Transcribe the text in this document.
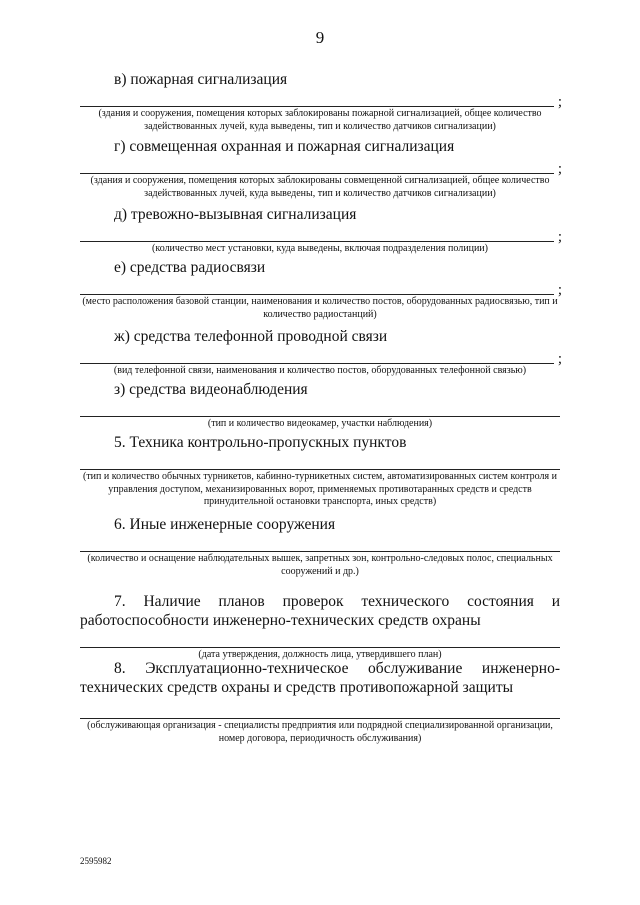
9
в) пожарная сигнализация
;
(здания и сооружения, помещения которых заблокированы пожарной сигнализацией, общее количество задействованных лучей, куда выведены, тип и количество датчиков сигнализации)
г) совмещенная охранная и пожарная сигнализация
;
(здания и сооружения, помещения которых заблокированы совмещенной сигнализацией, общее количество задействованных лучей, куда выведены, тип и количество датчиков сигнализации)
д) тревожно-вызывная сигнализация
;
(количество мест установки, куда выведены, включая подразделения полиции)
е) средства радиосвязи
;
(место расположения базовой станции, наименования и количество постов, оборудованных радиосвязью, тип и количество радиостанций)
ж) средства телефонной проводной связи
;
(вид телефонной связи, наименования и количество постов, оборудованных телефонной связью)
з) средства видеонаблюдения
(тип и количество видеокамер, участки наблюдения)
5. Техника контрольно-пропускных пунктов
(тип и количество обычных турникетов, кабинно-турникетных систем, автоматизированных систем контроля и управления доступом, механизированных ворот, применяемых противотаранных средств и средств принудительной остановки транспорта, иных средств)
6. Иные инженерные сооружения
(количество и оснащение наблюдательных вышек, запретных зон, контрольно-следовых полос, специальных сооружений и др.)
7. Наличие планов проверок технического состояния и
работоспособности инженерно-технических средств охраны
(дата утверждения, должность лица, утвердившего план)
8. Эксплуатационно-техническое обслуживание инженерно-
технических средств охраны и средств противопожарной защиты
(обслуживающая организация - специалисты предприятия или подрядной специализированной организации, номер договора, периодичность обслуживания)
2595982
